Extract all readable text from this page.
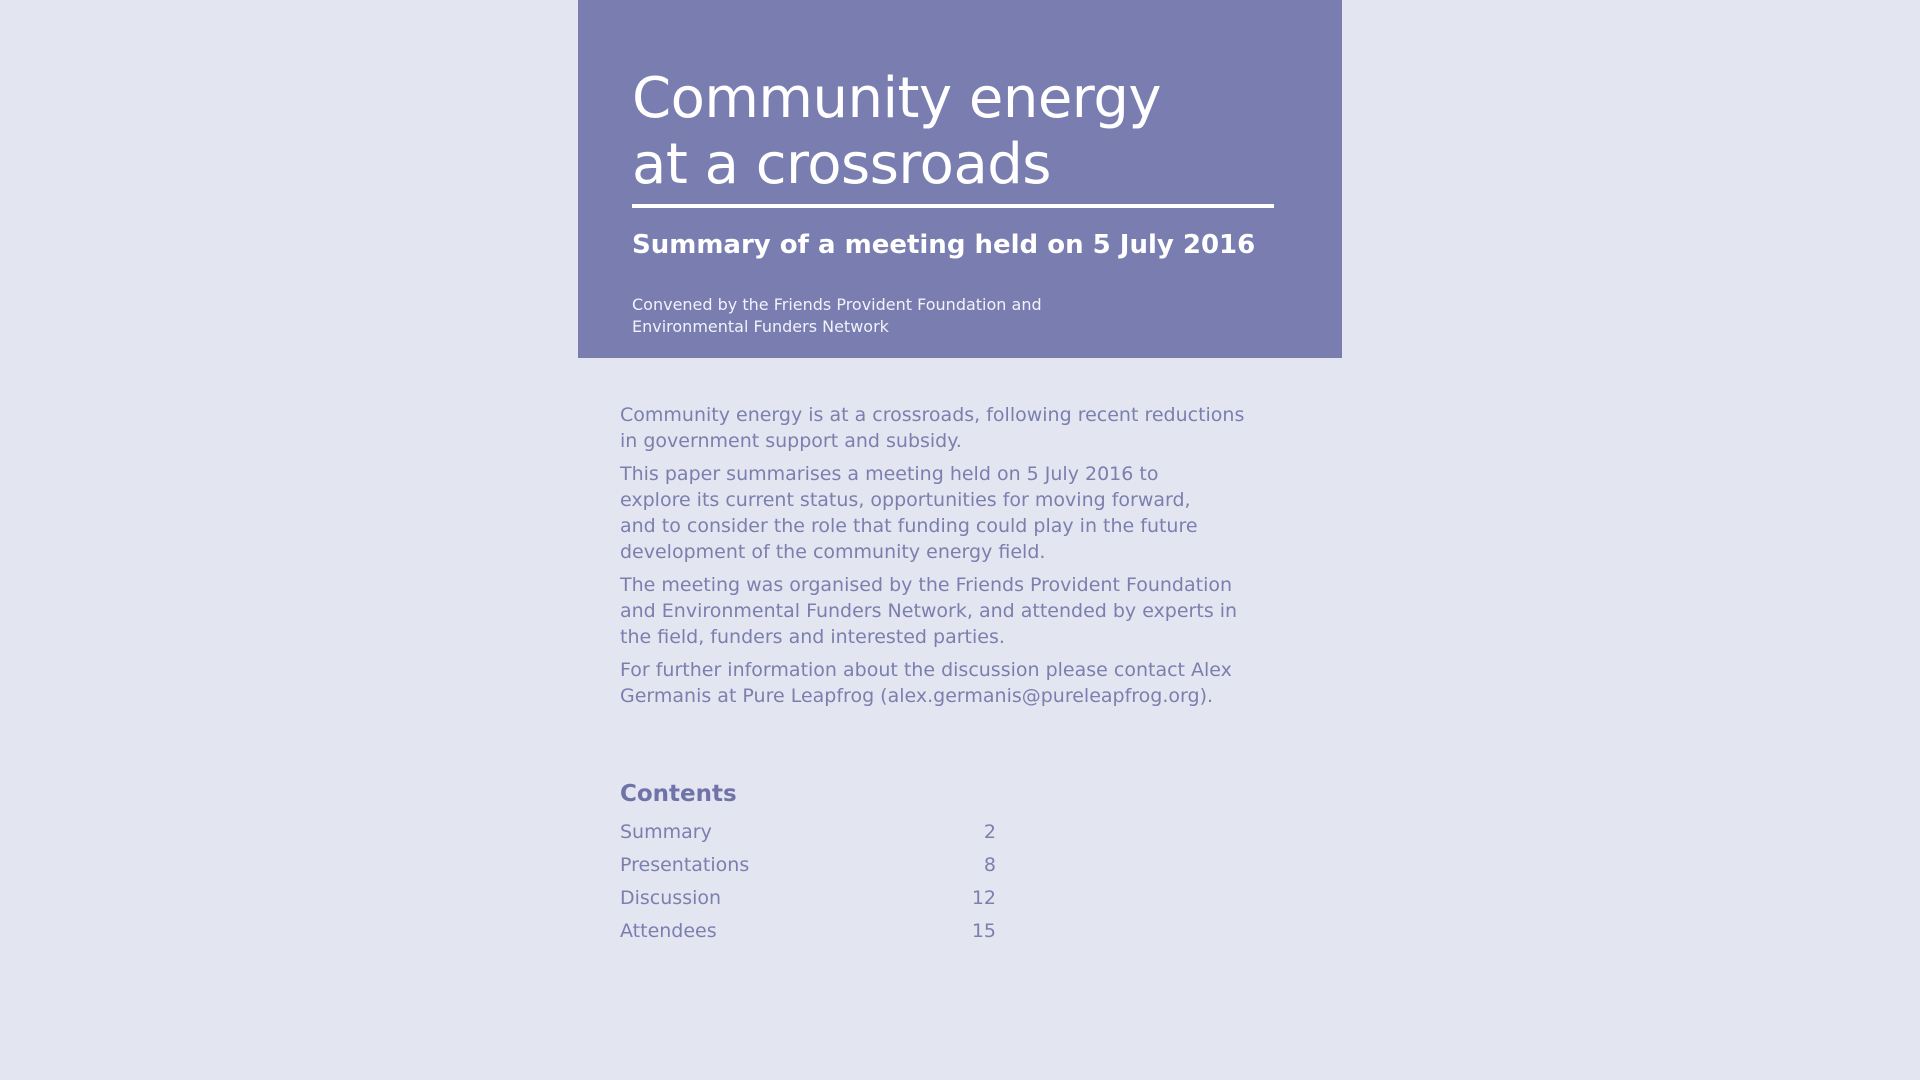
Community energy
at a crossroads

Summary of a meeting held on 5 July 2016

Convened by the Friends Provident Foundation and
Environmental Funders Network

Community energy is at a crossroads, following recent reductions
in government support and subsidy.

This paper summarises a meeting held on 5 July 2016 to
explore its current status, opportunities for moving forward,
and to consider the role that funding could play in the future
development of the community energy field.

The meeting was organised by the Friends Provident Foundation
and Environmental Funders Network, and attended by experts in
the field, funders and interested parties.

For further information about the discussion please contact Alex
Germanis at Pure Leapfrog (alex.germanis@pureleapfrog.org).

Contents
Summary	2
Presentations	8
Discussion	12
Attendees	15
